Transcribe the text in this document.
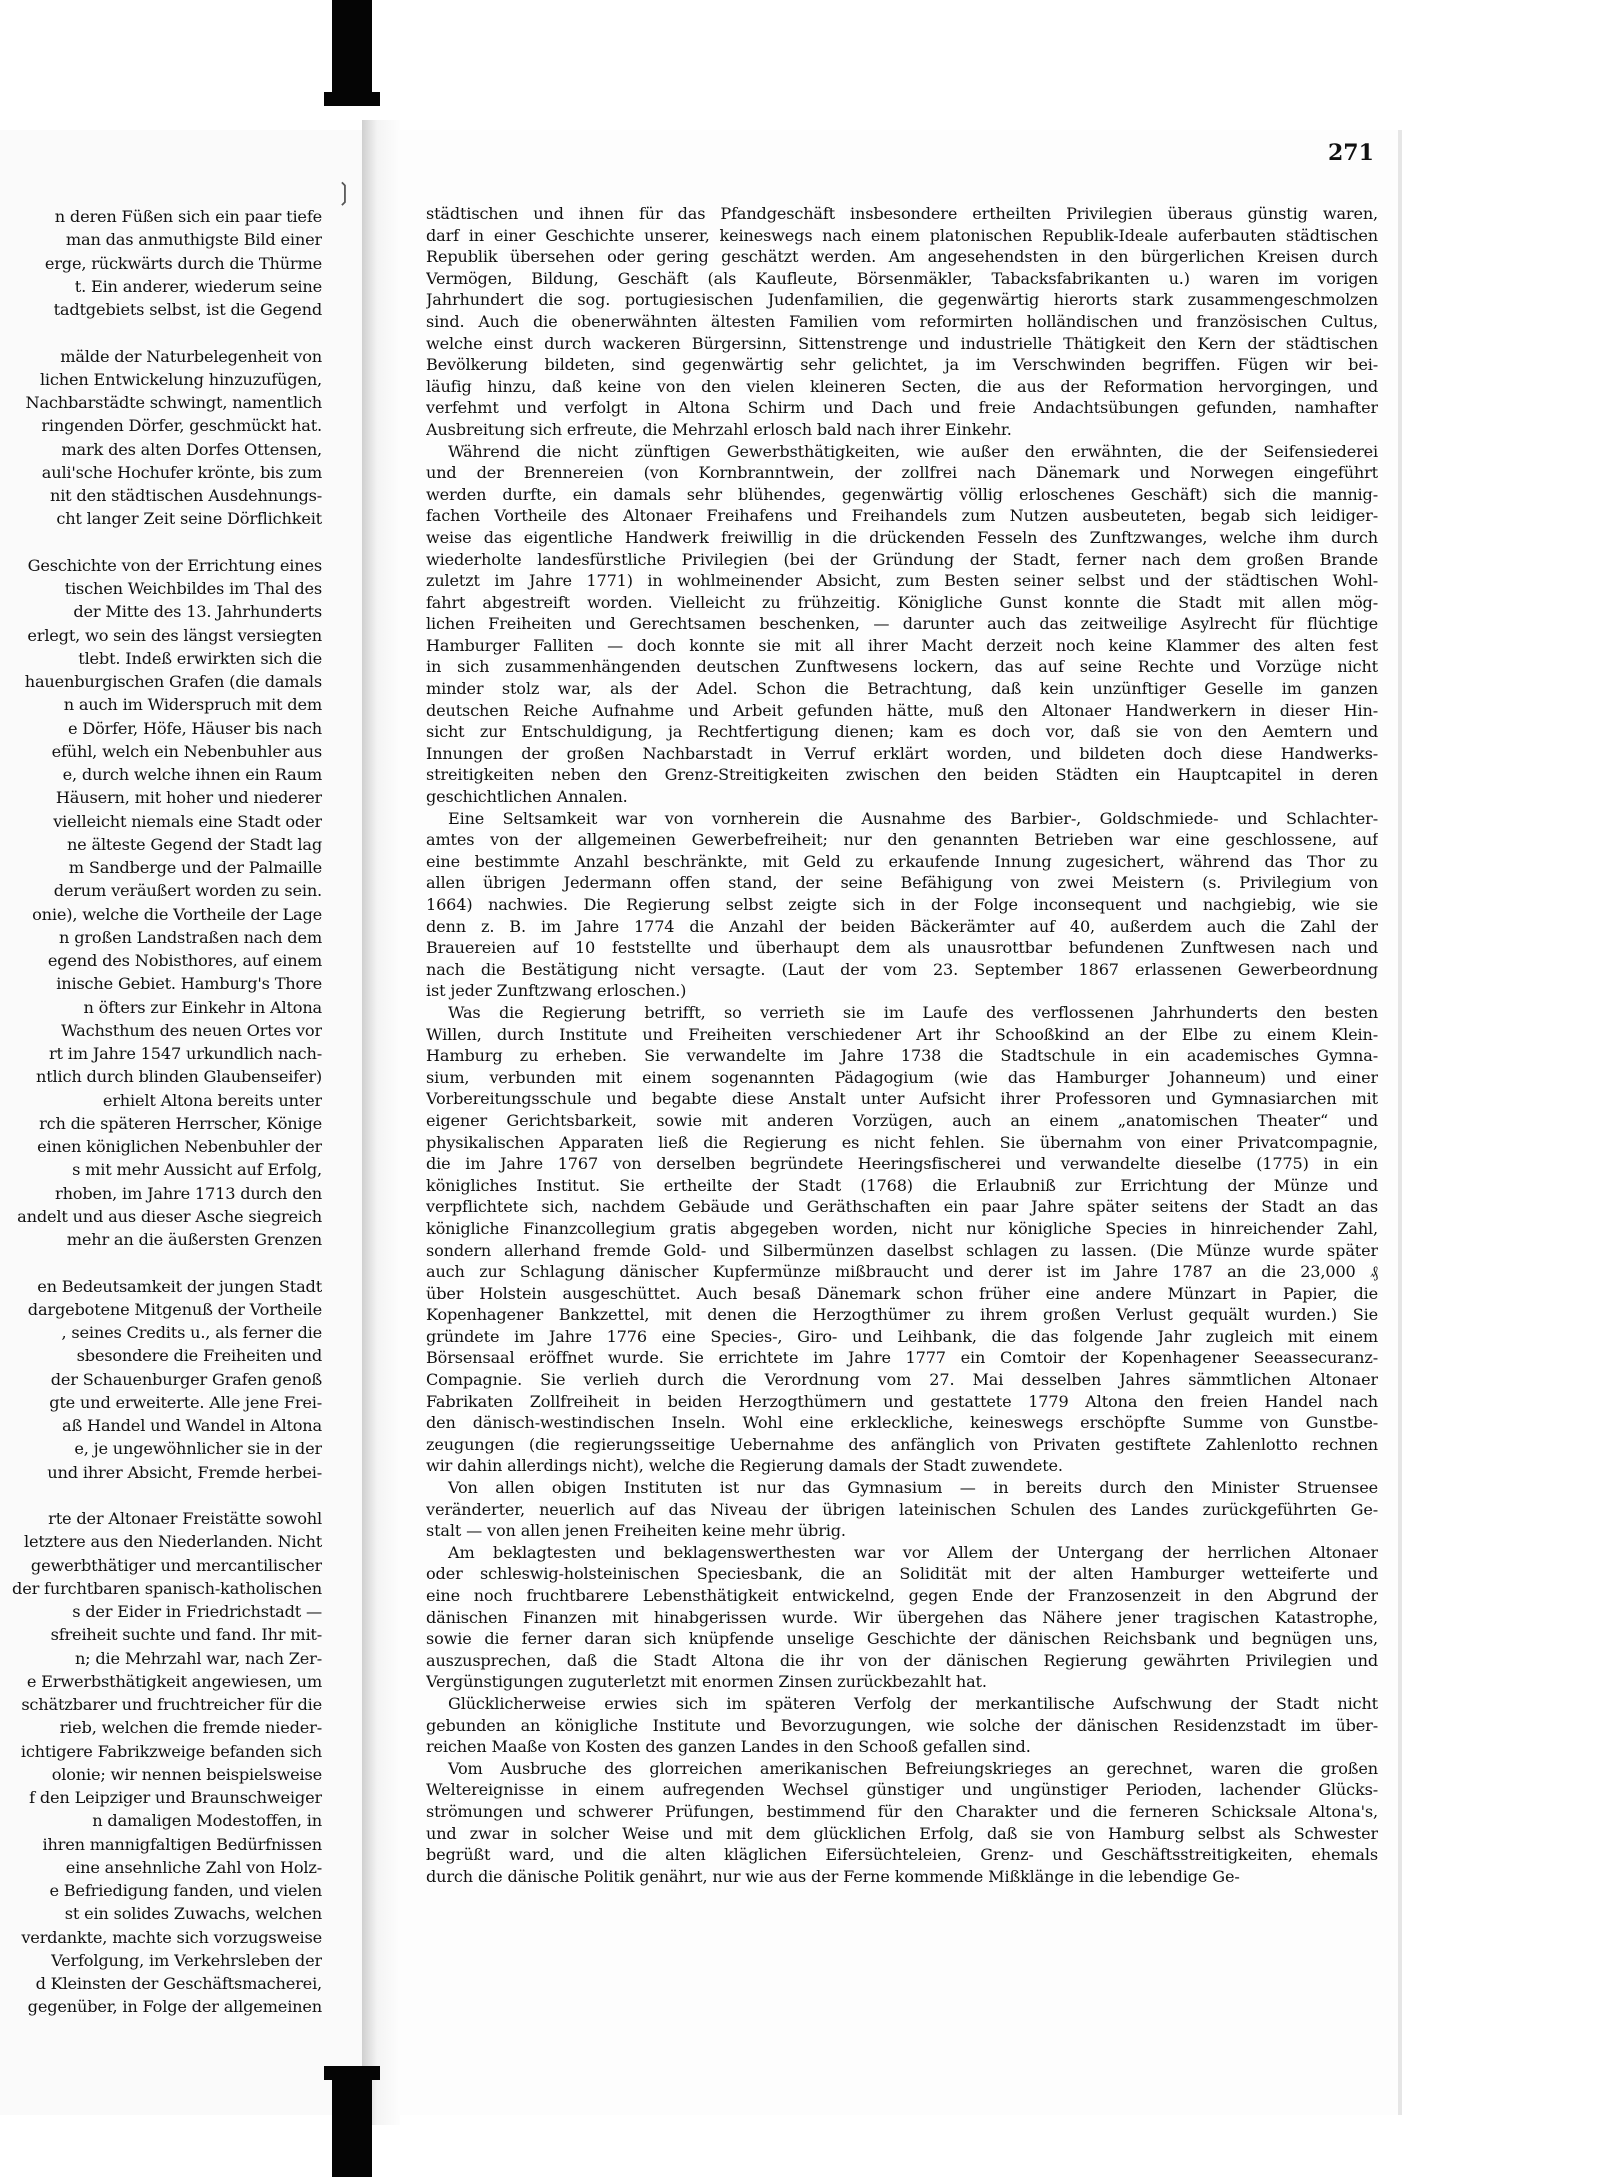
❳
271
n deren Füßen sich ein paar tiefe
man das anmuthigste Bild einer
erge, rückwärts durch die Thürme
t. Ein anderer, wiederum seine
tadtgebiets selbst, ist die Gegend
mälde der Naturbelegenheit von
lichen Entwickelung hinzuzufügen,
Nachbarstädte schwingt, namentlich
ringenden Dörfer, geschmückt hat.
mark des alten Dorfes Ottensen,
auli'sche Hochufer krönte, bis zum
nit den städtischen Ausdehnungs-
cht langer Zeit seine Dörflichkeit
Geschichte von der Errichtung eines
tischen Weichbildes im Thal des
der Mitte des 13. Jahrhunderts
erlegt, wo sein des längst versiegten
tlebt. Indeß erwirkten sich die
hauenburgischen Grafen (die damals
n auch im Widerspruch mit dem
e Dörfer, Höfe, Häuser bis nach
efühl, welch ein Nebenbuhler aus
e, durch welche ihnen ein Raum
Häusern, mit hoher und niederer
vielleicht niemals eine Stadt oder
ne älteste Gegend der Stadt lag
m Sandberge und der Palmaille
derum veräußert worden zu sein.
onie), welche die Vortheile der Lage
n großen Landstraßen nach dem
egend des Nobisthores, auf einem
inische Gebiet. Hamburg's Thore
n öfters zur Einkehr in Altona
Wachsthum des neuen Ortes vor
rt im Jahre 1547 urkundlich nach-
ntlich durch blinden Glaubenseifer)
erhielt Altona bereits unter
rch die späteren Herrscher, Könige
einen königlichen Nebenbuhler der
s mit mehr Aussicht auf Erfolg,
rhoben, im Jahre 1713 durch den
andelt und aus dieser Asche siegreich
mehr an die äußersten Grenzen
en Bedeutsamkeit der jungen Stadt
dargebotene Mitgenuß der Vortheile
, seines Credits u., als ferner die
sbesondere die Freiheiten und
der Schauenburger Grafen genoß
gte und erweiterte. Alle jene Frei-
aß Handel und Wandel in Altona
e, je ungewöhnlicher sie in der
und ihrer Absicht, Fremde herbei-
rte der Altonaer Freistätte sowohl
letztere aus den Niederlanden. Nicht
gewerbthätiger und mercantilischer
der furchtbaren spanisch-katholischen
s der Eider in Friedrichstadt —
sfreiheit suchte und fand. Ihr mit-
n; die Mehrzahl war, nach Zer-
e Erwerbsthätigkeit angewiesen, um
schätzbarer und fruchtreicher für die
rieb, welchen die fremde nieder-
ichtigere Fabrikzweige befanden sich
olonie; wir nennen beispielsweise
f den Leipziger und Braunschweiger
n damaligen Modestoffen, in
ihren mannigfaltigen Bedürfnissen
eine ansehnliche Zahl von Holz-
e Befriedigung fanden, und vielen
st ein solides Zuwachs, welchen
verdankte, machte sich vorzugsweise
Verfolgung, im Verkehrsleben der
d Kleinsten der Geschäftsmacherei,
gegenüber, in Folge der allgemeinen
städtischen und ihnen für das Pfandgeschäft insbesondere ertheilten Privilegien überaus günstig waren,
darf in einer Geschichte unserer, keineswegs nach einem platonischen Republik-Ideale auferbauten städtischen
Republik übersehen oder gering geschätzt werden. Am angesehendsten in den bürgerlichen Kreisen durch
Vermögen, Bildung, Geschäft (als Kaufleute, Börsenmäkler, Tabacksfabrikanten u.) waren im vorigen
Jahrhundert die sog. portugiesischen Judenfamilien, die gegenwärtig hierorts stark zusammengeschmolzen
sind. Auch die obenerwähnten ältesten Familien vom reformirten holländischen und französischen Cultus,
welche einst durch wackeren Bürgersinn, Sittenstrenge und industrielle Thätigkeit den Kern der städtischen
Bevölkerung bildeten, sind gegenwärtig sehr gelichtet, ja im Verschwinden begriffen. Fügen wir bei-
läufig hinzu, daß keine von den vielen kleineren Secten, die aus der Reformation hervorgingen, und
verfehmt und verfolgt in Altona Schirm und Dach und freie Andachtsübungen gefunden, namhafter
Ausbreitung sich erfreute, die Mehrzahl erlosch bald nach ihrer Einkehr.
Während die nicht zünftigen Gewerbsthätigkeiten, wie außer den erwähnten, die der Seifensiederei
und der Brennereien (von Kornbranntwein, der zollfrei nach Dänemark und Norwegen eingeführt
werden durfte, ein damals sehr blühendes, gegenwärtig völlig erloschenes Geschäft) sich die mannig-
fachen Vortheile des Altonaer Freihafens und Freihandels zum Nutzen ausbeuteten, begab sich leidiger-
weise das eigentliche Handwerk freiwillig in die drückenden Fesseln des Zunftzwanges, welche ihm durch
wiederholte landesfürstliche Privilegien (bei der Gründung der Stadt, ferner nach dem großen Brande
zuletzt im Jahre 1771) in wohlmeinender Absicht, zum Besten seiner selbst und der städtischen Wohl-
fahrt abgestreift worden. Vielleicht zu frühzeitig. Königliche Gunst konnte die Stadt mit allen mög-
lichen Freiheiten und Gerechtsamen beschenken, — darunter auch das zeitweilige Asylrecht für flüchtige
Hamburger Falliten — doch konnte sie mit all ihrer Macht derzeit noch keine Klammer des alten fest
in sich zusammenhängenden deutschen Zunftwesens lockern, das auf seine Rechte und Vorzüge nicht
minder stolz war, als der Adel. Schon die Betrachtung, daß kein unzünftiger Geselle im ganzen
deutschen Reiche Aufnahme und Arbeit gefunden hätte, muß den Altonaer Handwerkern in dieser Hin-
sicht zur Entschuldigung, ja Rechtfertigung dienen; kam es doch vor, daß sie von den Aemtern und
Innungen der großen Nachbarstadt in Verruf erklärt worden, und bildeten doch diese Handwerks-
streitigkeiten neben den Grenz-Streitigkeiten zwischen den beiden Städten ein Hauptcapitel in deren
geschichtlichen Annalen.
Eine Seltsamkeit war von vornherein die Ausnahme des Barbier-, Goldschmiede- und Schlachter-
amtes von der allgemeinen Gewerbefreiheit; nur den genannten Betrieben war eine geschlossene, auf
eine bestimmte Anzahl beschränkte, mit Geld zu erkaufende Innung zugesichert, während das Thor zu
allen übrigen Jedermann offen stand, der seine Befähigung von zwei Meistern (s. Privilegium von
1664) nachwies. Die Regierung selbst zeigte sich in der Folge inconsequent und nachgiebig, wie sie
denn z. B. im Jahre 1774 die Anzahl der beiden Bäckerämter auf 40, außerdem auch die Zahl der
Brauereien auf 10 feststellte und überhaupt dem als unausrottbar befundenen Zunftwesen nach und
nach die Bestätigung nicht versagte. (Laut der vom 23. September 1867 erlassenen Gewerbeordnung
ist jeder Zunftzwang erloschen.)
Was die Regierung betrifft, so verrieth sie im Laufe des verflossenen Jahrhunderts den besten
Willen, durch Institute und Freiheiten verschiedener Art ihr Schooßkind an der Elbe zu einem Klein-
Hamburg zu erheben. Sie verwandelte im Jahre 1738 die Stadtschule in ein academisches Gymna-
sium, verbunden mit einem sogenannten Pädagogium (wie das Hamburger Johanneum) und einer
Vorbereitungsschule und begabte diese Anstalt unter Aufsicht ihrer Professoren und Gymnasiarchen mit
eigener Gerichtsbarkeit, sowie mit anderen Vorzügen, auch an einem „anatomischen Theater“ und
physikalischen Apparaten ließ die Regierung es nicht fehlen. Sie übernahm von einer Privatcompagnie,
die im Jahre 1767 von derselben begründete Heeringsfischerei und verwandelte dieselbe (1775) in ein
königliches Institut. Sie ertheilte der Stadt (1768) die Erlaubniß zur Errichtung der Münze und
verpflichtete sich, nachdem Gebäude und Geräthschaften ein paar Jahre später seitens der Stadt an das
königliche Finanzcollegium gratis abgegeben worden, nicht nur königliche Species in hinreichender Zahl,
sondern allerhand fremde Gold- und Silbermünzen daselbst schlagen zu lassen. (Die Münze wurde später
auch zur Schlagung dänischer Kupfermünze mißbraucht und derer ist im Jahre 1787 an die 23,000 ₰
über Holstein ausgeschüttet. Auch besaß Dänemark schon früher eine andere Münzart in Papier, die
Kopenhagener Bankzettel, mit denen die Herzogthümer zu ihrem großen Verlust gequält wurden.) Sie
gründete im Jahre 1776 eine Species-, Giro- und Leihbank, die das folgende Jahr zugleich mit einem
Börsensaal eröffnet wurde. Sie errichtete im Jahre 1777 ein Comtoir der Kopenhagener Seeassecuranz-
Compagnie. Sie verlieh durch die Verordnung vom 27. Mai desselben Jahres sämmtlichen Altonaer
Fabrikaten Zollfreiheit in beiden Herzogthümern und gestattete 1779 Altona den freien Handel nach
den dänisch-westindischen Inseln. Wohl eine erkleckliche, keineswegs erschöpfte Summe von Gunstbe-
zeugungen (die regierungsseitige Uebernahme des anfänglich von Privaten gestiftete Zahlenlotto rechnen
wir dahin allerdings nicht), welche die Regierung damals der Stadt zuwendete.
Von allen obigen Instituten ist nur das Gymnasium — in bereits durch den Minister Struensee
veränderter, neuerlich auf das Niveau der übrigen lateinischen Schulen des Landes zurückgeführten Ge-
stalt — von allen jenen Freiheiten keine mehr übrig.
Am beklagtesten und beklagenswerthesten war vor Allem der Untergang der herrlichen Altonaer
oder schleswig-holsteinischen Speciesbank, die an Solidität mit der alten Hamburger wetteiferte und
eine noch fruchtbarere Lebensthätigkeit entwickelnd, gegen Ende der Franzosenzeit in den Abgrund der
dänischen Finanzen mit hinabgerissen wurde. Wir übergehen das Nähere jener tragischen Katastrophe,
sowie die ferner daran sich knüpfende unselige Geschichte der dänischen Reichsbank und begnügen uns,
auszusprechen, daß die Stadt Altona die ihr von der dänischen Regierung gewährten Privilegien und
Vergünstigungen zuguterletzt mit enormen Zinsen zurückbezahlt hat.
Glücklicherweise erwies sich im späteren Verfolg der merkantilische Aufschwung der Stadt nicht
gebunden an königliche Institute und Bevorzugungen, wie solche der dänischen Residenzstadt im über-
reichen Maaße von Kosten des ganzen Landes in den Schooß gefallen sind.
Vom Ausbruche des glorreichen amerikanischen Befreiungskrieges an gerechnet, waren die großen
Weltereignisse in einem aufregenden Wechsel günstiger und ungünstiger Perioden, lachender Glücks-
strömungen und schwerer Prüfungen, bestimmend für den Charakter und die ferneren Schicksale Altona's,
und zwar in solcher Weise und mit dem glücklichen Erfolg, daß sie von Hamburg selbst als Schwester
begrüßt ward, und die alten kläglichen Eifersüchteleien, Grenz- und Geschäftsstreitigkeiten, ehemals
durch die dänische Politik genährt, nur wie aus der Ferne kommende Mißklänge in die lebendige Ge-
